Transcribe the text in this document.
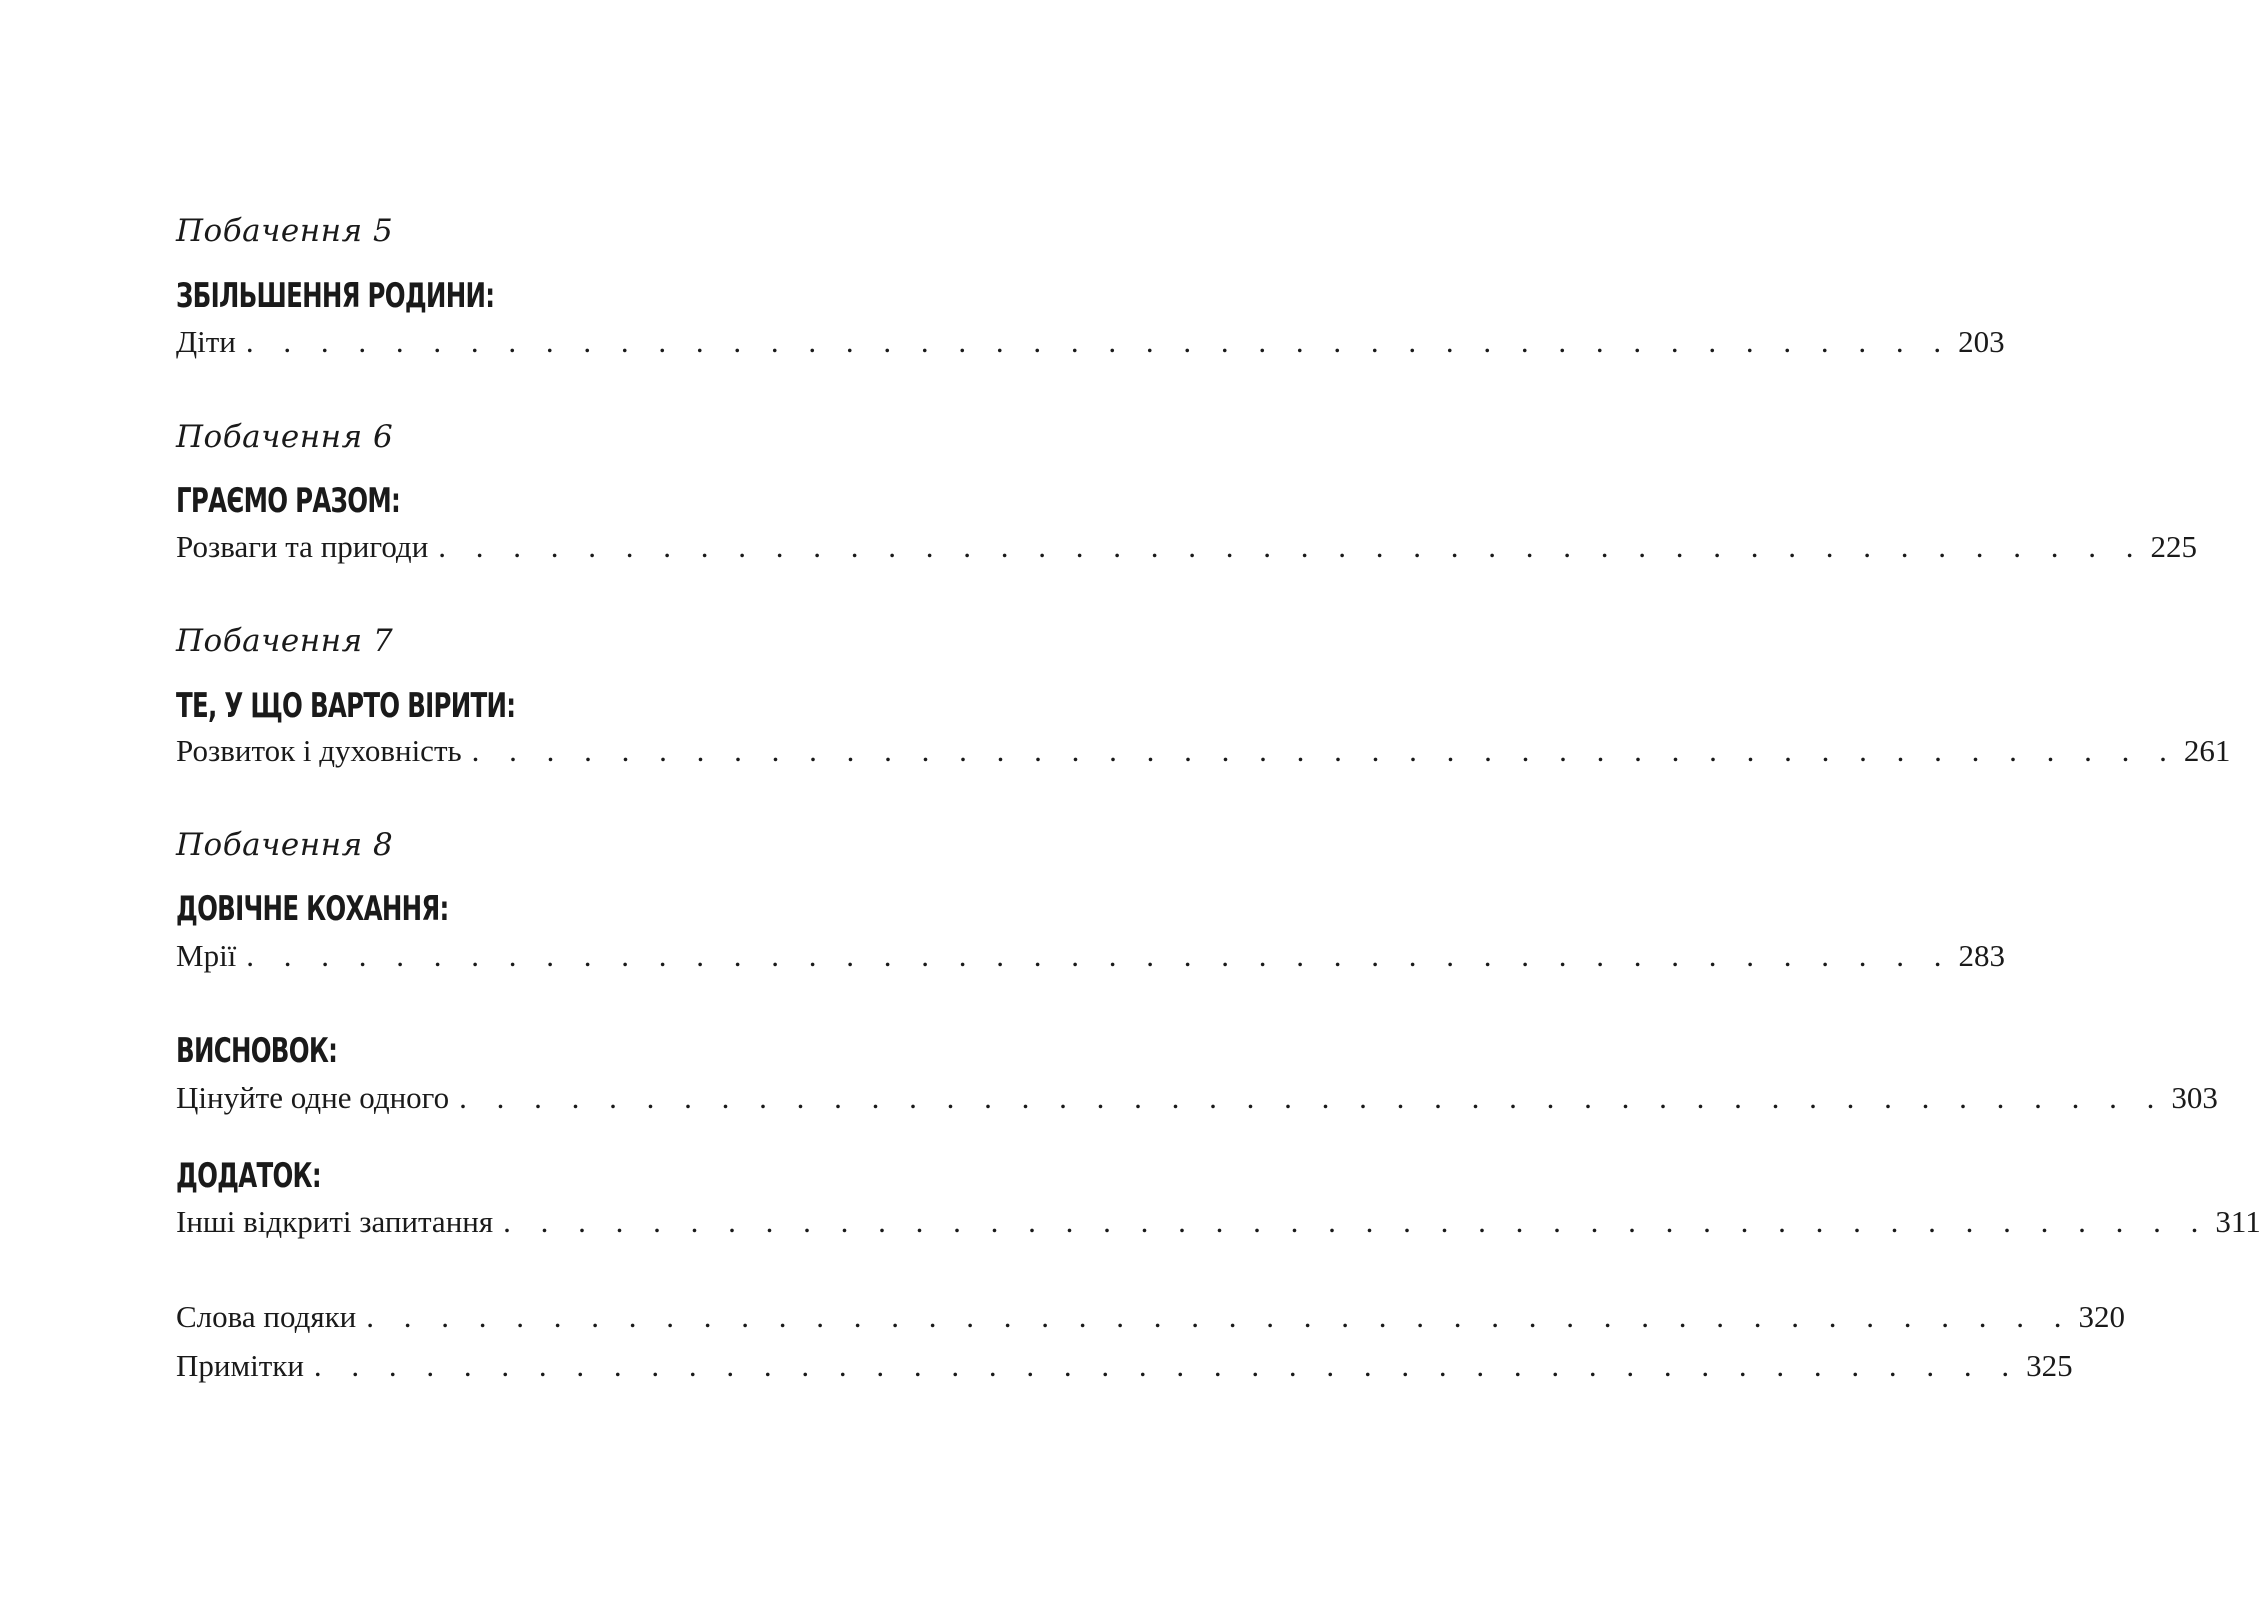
Побачення 5
ЗБІЛЬШЕННЯ РОДИНИ:
Діти . . . . . . . . . . . . . . . . . . . . . . . . . . . . . . . . . . . . . . . . . . . . . . 203
Побачення 6
ГРАЄМО РАЗОМ:
Розваги та пригоди . . . . . . . . . . . . . . . . . . . . . . . . . . . . . . . . . . . . . . . . . . . . . . 225
Побачення 7
ТЕ, У ЩО ВАРТО ВІРИТИ:
Розвиток і духовність . . . . . . . . . . . . . . . . . . . . . . . . . . . . . . . . . . . . . . . . . . . . . . 261
Побачення 8
ДОВІЧНЕ КОХАННЯ:
Мрії . . . . . . . . . . . . . . . . . . . . . . . . . . . . . . . . . . . . . . . . . . . . . . 283
ВИСНОВОК:
Цінуйте одне одного . . . . . . . . . . . . . . . . . . . . . . . . . . . . . . . . . . . . . . . . . . . . . . 303
ДОДАТОК:
Інші відкриті запитання . . . . . . . . . . . . . . . . . . . . . . . . . . . . . . . . . . . . . . . . . . . . . . 311
Слова подяки . . . . . . . . . . . . . . . . . . . . . . . . . . . . . . . . . . . . . . . . . . . . . . 320
Примітки . . . . . . . . . . . . . . . . . . . . . . . . . . . . . . . . . . . . . . . . . . . . . . 325
